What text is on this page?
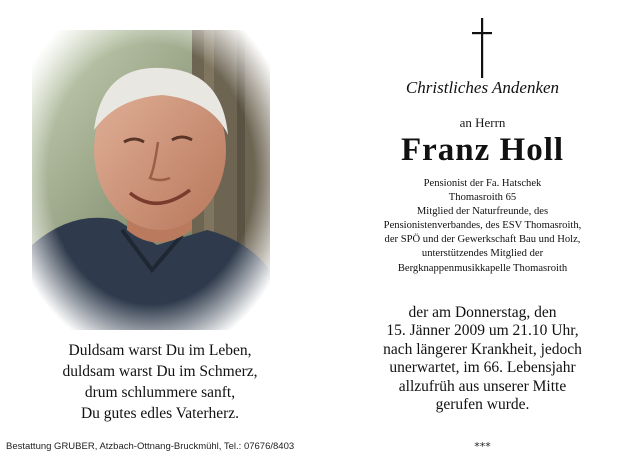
Duldsam warst Du im Leben,
duldsam warst Du im Schmerz,
drum schlummere sanft,
Du gutes edles Vaterherz.
Bestattung GRUBER, Atzbach-Ottnang-Bruckmühl, Tel.: 07676/8403
Christliches Andenken
an Herrn
Franz Holl
Pensionist der Fa. Hatschek
Thomasroith 65
Mitglied der Naturfreunde, des
Pensionistenverbandes, des ESV Thomasroith,
der SPÖ und der Gewerkschaft Bau und Holz,
unterstützendes Mitglied der
Bergknappenmusikkapelle Thomasroith
der am Donnerstag, den
15. Jänner 2009 um 21.10 Uhr,
nach längerer Krankheit, jedoch
unerwartet, im 66. Lebensjahr
allzufrüh aus unserer Mitte
gerufen wurde.
***
